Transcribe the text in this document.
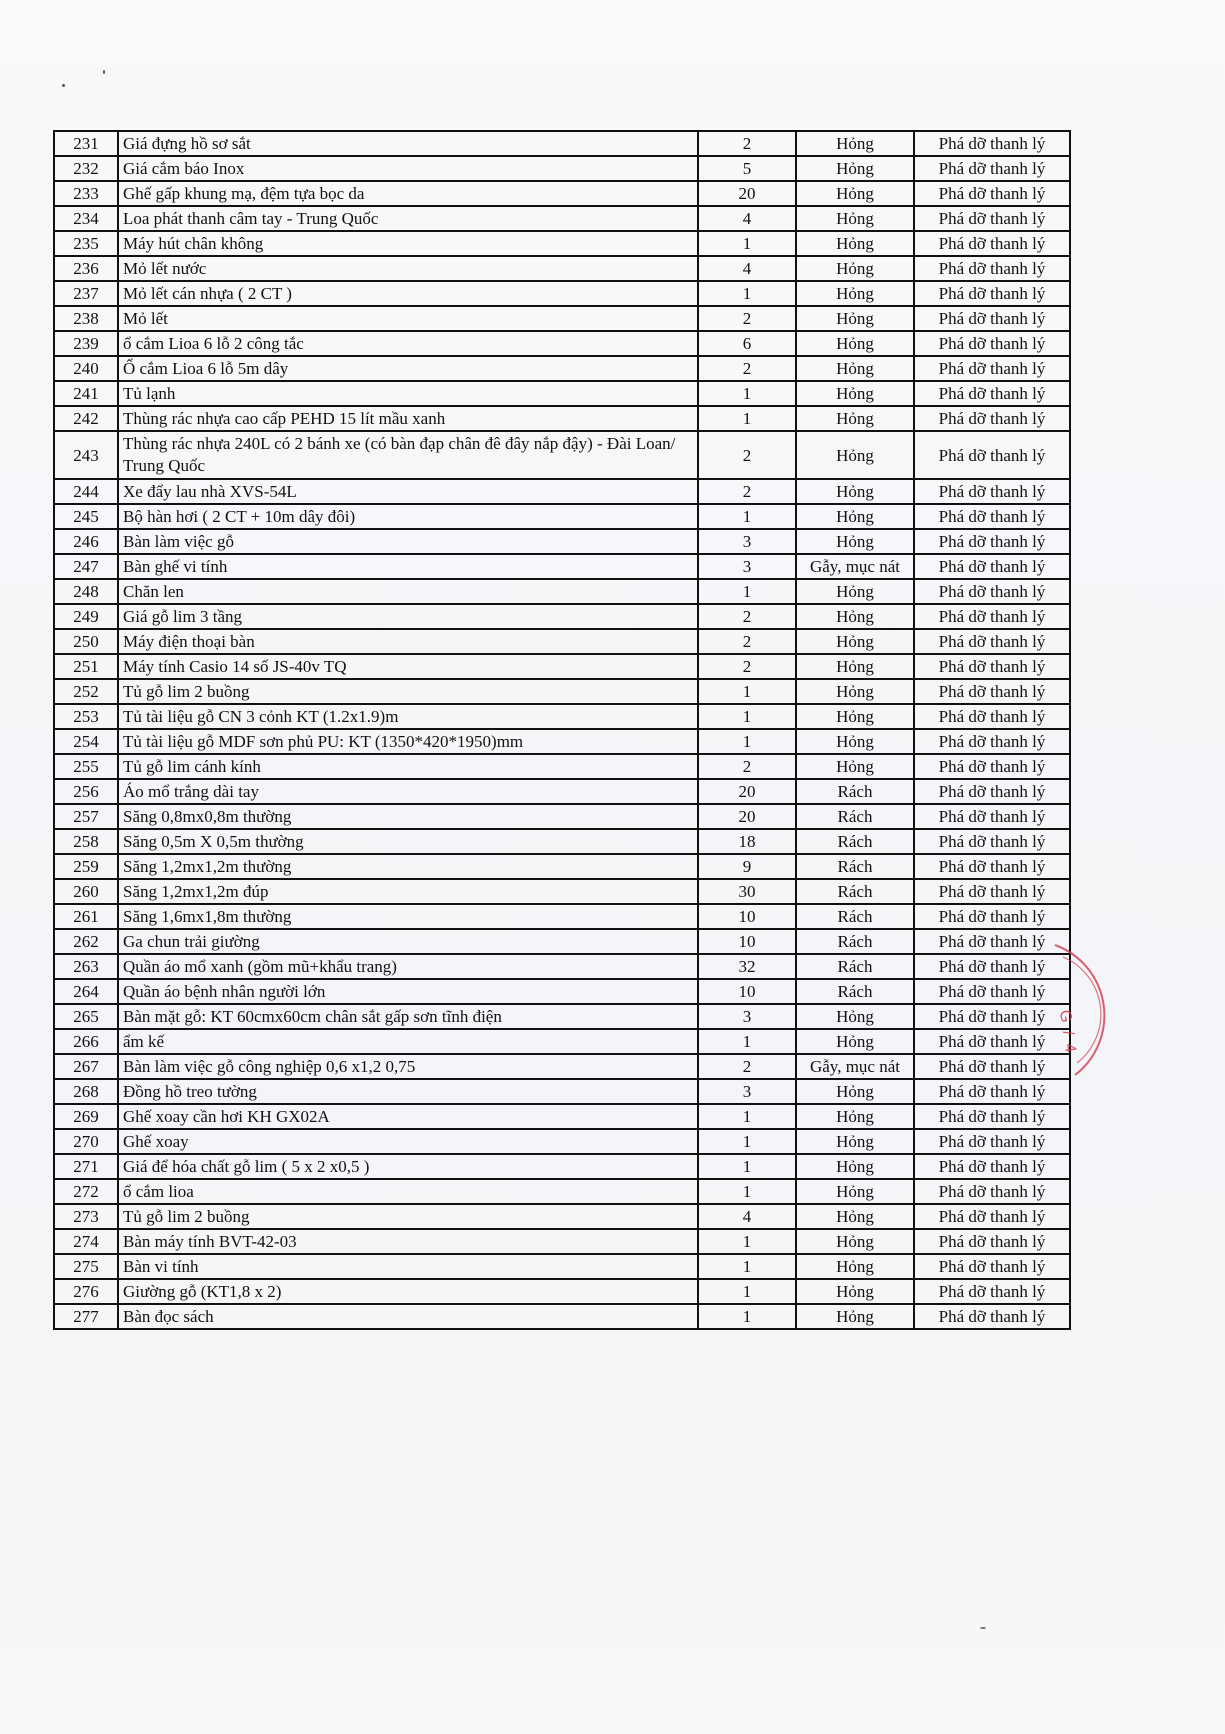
231	Giá đựng hồ sơ sắt	2	Hỏng	Phá dỡ thanh lý
232	Giá cắm báo Inox	5	Hỏng	Phá dỡ thanh lý
233	Ghế gấp khung mạ, đệm tựa bọc da	20	Hỏng	Phá dỡ thanh lý
234	Loa phát thanh câm tay - Trung Quốc	4	Hỏng	Phá dỡ thanh lý
235	Máy hút chân không	1	Hỏng	Phá dỡ thanh lý
236	Mỏ lết nước	4	Hỏng	Phá dỡ thanh lý
237	Mỏ lết cán nhựa ( 2 CT )	1	Hỏng	Phá dỡ thanh lý
238	Mỏ lết	2	Hỏng	Phá dỡ thanh lý
239	ổ cắm Lioa 6 lỗ 2 công tắc	6	Hỏng	Phá dỡ thanh lý
240	Ổ cắm Lioa 6 lỗ 5m dây	2	Hỏng	Phá dỡ thanh lý
241	Tủ lạnh	1	Hỏng	Phá dỡ thanh lý
242	Thùng rác nhựa cao cấp PEHD 15 lít mầu xanh	1	Hỏng	Phá dỡ thanh lý
243	Thùng rác nhựa 240L có 2 bánh xe (có bàn đạp chân đê đây nắp đậy) - Đài Loan/ Trung Quốc	2	Hỏng	Phá dỡ thanh lý
244	Xe đẩy lau nhà XVS-54L	2	Hỏng	Phá dỡ thanh lý
245	Bộ hàn hơi ( 2 CT + 10m dây đôi)	1	Hỏng	Phá dỡ thanh lý
246	Bàn làm việc gỗ	3	Hỏng	Phá dỡ thanh lý
247	Bàn ghế vi tính	3	Gẫy, mục nát	Phá dỡ thanh lý
248	Chăn len	1	Hỏng	Phá dỡ thanh lý
249	Giá gỗ lim 3 tầng	2	Hỏng	Phá dỡ thanh lý
250	Máy điện thoại bàn	2	Hỏng	Phá dỡ thanh lý
251	Máy tính Casio 14 số JS-40v TQ	2	Hỏng	Phá dỡ thanh lý
252	Tủ gỗ lim 2 buồng	1	Hỏng	Phá dỡ thanh lý
253	Tủ tài liệu gỗ CN 3 cỏnh KT (1.2x1.9)m	1	Hỏng	Phá dỡ thanh lý
254	Tủ tài liệu gỗ MDF sơn phủ PU: KT (1350*420*1950)mm	1	Hỏng	Phá dỡ thanh lý
255	Tủ gỗ lim cánh kính	2	Hỏng	Phá dỡ thanh lý
256	Áo mổ trắng dài tay	20	Rách	Phá dỡ thanh lý
257	Săng 0,8mx0,8m thường	20	Rách	Phá dỡ thanh lý
258	Săng 0,5m X 0,5m thường	18	Rách	Phá dỡ thanh lý
259	Săng 1,2mx1,2m thường	9	Rách	Phá dỡ thanh lý
260	Săng 1,2mx1,2m đúp	30	Rách	Phá dỡ thanh lý
261	Săng 1,6mx1,8m thường	10	Rách	Phá dỡ thanh lý
262	Ga chun trải giường	10	Rách	Phá dỡ thanh lý
263	Quần áo mổ xanh (gồm mũ+khẩu trang)	32	Rách	Phá dỡ thanh lý
264	Quần áo bệnh nhân người lớn	10	Rách	Phá dỡ thanh lý
265	Bàn mặt gỗ: KT 60cmx60cm chân sắt gấp sơn tĩnh điện	3	Hỏng	Phá dỡ thanh lý
266	ẩm kế	1	Hỏng	Phá dỡ thanh lý
267	Bàn làm việc gỗ công nghiệp 0,6 x1,2 0,75	2	Gẫy, mục nát	Phá dỡ thanh lý
268	Đồng hồ treo tường	3	Hỏng	Phá dỡ thanh lý
269	Ghế xoay cần hơi KH GX02A	1	Hỏng	Phá dỡ thanh lý
270	Ghế xoay	1	Hỏng	Phá dỡ thanh lý
271	Giá để hóa chất gỗ lim ( 5 x 2 x0,5 )	1	Hỏng	Phá dỡ thanh lý
272	ổ cắm lioa	1	Hỏng	Phá dỡ thanh lý
273	Tủ gỗ lim 2 buồng	4	Hỏng	Phá dỡ thanh lý
274	Bàn máy tính BVT-42-03	1	Hỏng	Phá dỡ thanh lý
275	Bàn vi tính	1	Hỏng	Phá dỡ thanh lý
276	Giường gỗ (KT1,8 x 2)	1	Hỏng	Phá dỡ thanh lý
277	Bàn đọc sách	1	Hỏng	Phá dỡ thanh lý
G / 4
